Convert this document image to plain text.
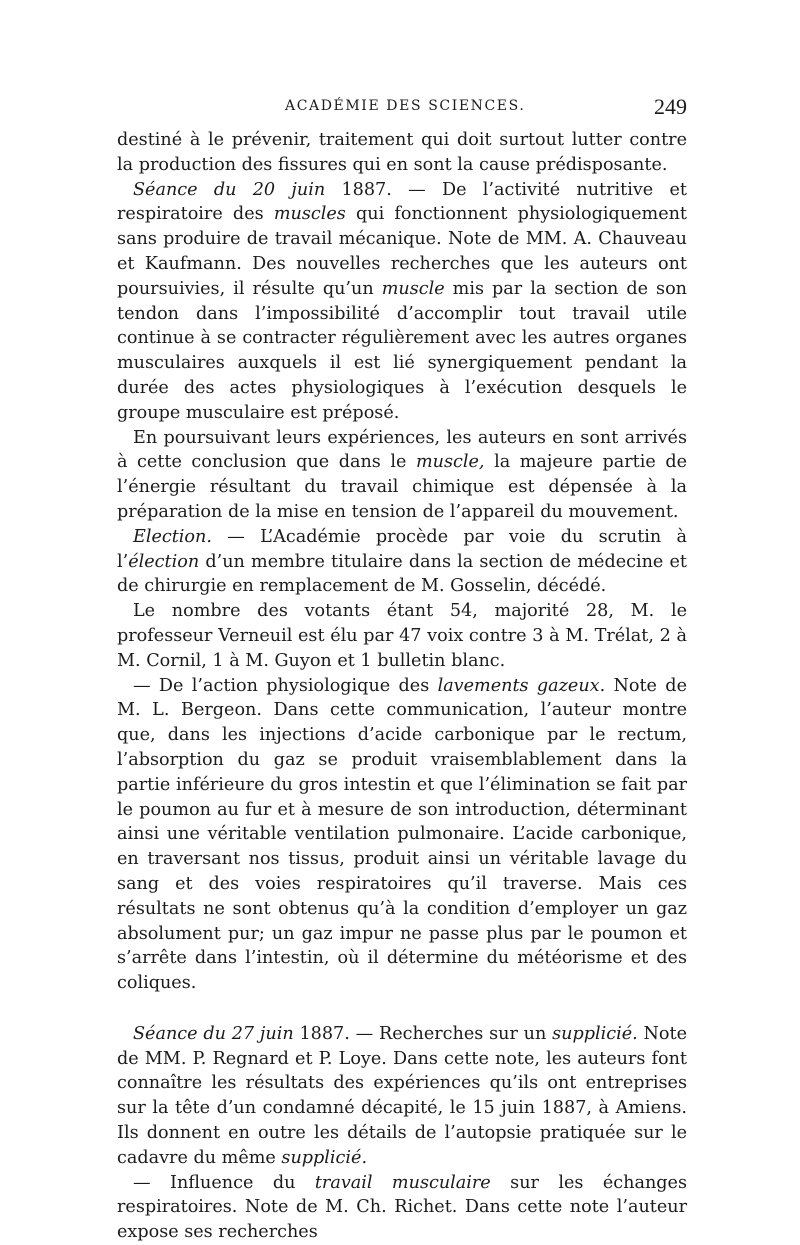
ACADÉMIE DES SCIENCES.	249

destiné à le prévenir, traitement qui doit surtout lutter contre la production des fissures qui en sont la cause prédisposante.

Séance du 20 juin 1887. — De l’activité nutritive et respiratoire des muscles qui fonctionnent physiologiquement sans produire de travail mécanique. Note de MM. A. Chauveau et Kaufmann. Des nouvelles recherches que les auteurs ont poursuivies, il résulte qu’un muscle mis par la section de son tendon dans l’impossibilité d’accomplir tout travail utile continue à se contracter régulièrement avec les autres organes musculaires auxquels il est lié synergiquement pendant la durée des actes physiologiques à l’exécution desquels le groupe musculaire est préposé.

En poursuivant leurs expériences, les auteurs en sont arrivés à cette conclusion que dans le muscle, la majeure partie de l’énergie résultant du travail chimique est dépensée à la préparation de la mise en tension de l’appareil du mouvement.

Election. — L’Académie procède par voie du scrutin à l’élection d’un membre titulaire dans la section de médecine et de chirurgie en remplacement de M. Gosselin, décédé.

Le nombre des votants étant 54, majorité 28, M. le professeur Verneuil est élu par 47 voix contre 3 à M. Trélat, 2 à M. Cornil, 1 à M. Guyon et 1 bulletin blanc.

— De l’action physiologique des lavements gazeux. Note de M. L. Bergeon. Dans cette communication, l’auteur montre que, dans les injections d’acide carbonique par le rectum, l’absorption du gaz se produit vraisemblablement dans la partie inférieure du gros intestin et que l’élimination se fait par le poumon au fur et à mesure de son introduction, déterminant ainsi une véritable ventilation pulmonaire. L’acide carbonique, en traversant nos tissus, produit ainsi un véritable lavage du sang et des voies respiratoires qu’il traverse. Mais ces résultats ne sont obtenus qu’à la condition d’employer un gaz absolument pur; un gaz impur ne passe plus par le poumon et s’arrête dans l’intestin, où il détermine du météorisme et des coliques.

Séance du 27 juin 1887. — Recherches sur un supplicié. Note de MM. P. Regnard et P. Loye. Dans cette note, les auteurs font connaître les résultats des expériences qu’ils ont entreprises sur la tête d’un condamné décapité, le 15 juin 1887, à Amiens. Ils donnent en outre les détails de l’autopsie pratiquée sur le cadavre du même supplicié.

— Influence du travail musculaire sur les échanges respiratoires. Note de M. Ch. Richet. Dans cette note l’auteur expose ses recherches
